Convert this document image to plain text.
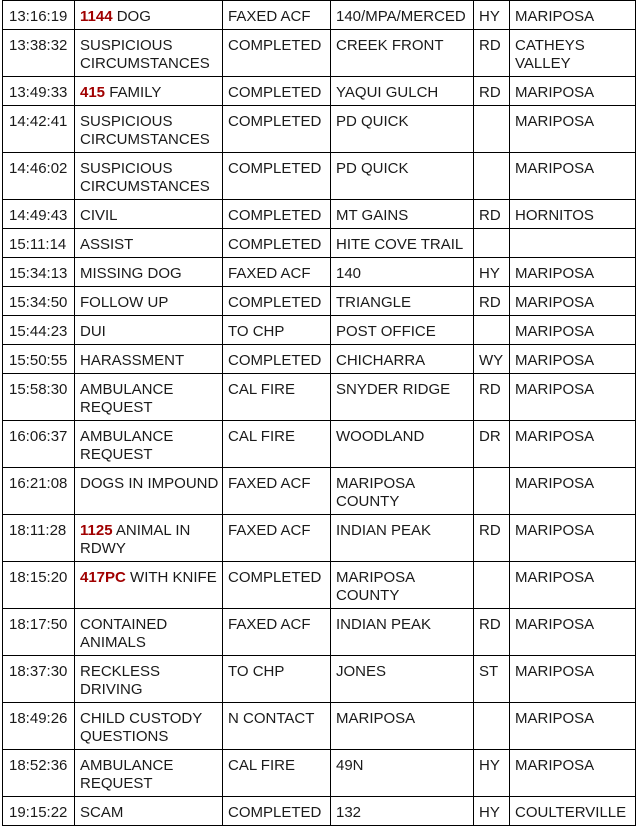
13:16:19	1144 DOG	FAXED ACF	140/MPA/MERCED	HY	MARIPOSA
13:38:32	SUSPICIOUS CIRCUMSTANCES	COMPLETED	CREEK FRONT	RD	CATHEYS VALLEY
13:49:33	415 FAMILY	COMPLETED	YAQUI GULCH	RD	MARIPOSA
14:42:41	SUSPICIOUS CIRCUMSTANCES	COMPLETED	PD QUICK		MARIPOSA
14:46:02	SUSPICIOUS CIRCUMSTANCES	COMPLETED	PD QUICK		MARIPOSA
14:49:43	CIVIL	COMPLETED	MT GAINS	RD	HORNITOS
15:11:14	ASSIST	COMPLETED	HITE COVE TRAIL		
15:34:13	MISSING DOG	FAXED ACF	140	HY	MARIPOSA
15:34:50	FOLLOW UP	COMPLETED	TRIANGLE	RD	MARIPOSA
15:44:23	DUI	TO CHP	POST OFFICE		MARIPOSA
15:50:55	HARASSMENT	COMPLETED	CHICHARRA	WY	MARIPOSA
15:58:30	AMBULANCE REQUEST	CAL FIRE	SNYDER RIDGE	RD	MARIPOSA
16:06:37	AMBULANCE REQUEST	CAL FIRE	WOODLAND	DR	MARIPOSA
16:21:08	DOGS IN IMPOUND	FAXED ACF	MARIPOSA COUNTY		MARIPOSA
18:11:28	1125 ANIMAL IN RDWY	FAXED ACF	INDIAN PEAK	RD	MARIPOSA
18:15:20	417PC WITH KNIFE	COMPLETED	MARIPOSA COUNTY		MARIPOSA
18:17:50	CONTAINED ANIMALS	FAXED ACF	INDIAN PEAK	RD	MARIPOSA
18:37:30	RECKLESS DRIVING	TO CHP	JONES	ST	MARIPOSA
18:49:26	CHILD CUSTODY QUESTIONS	N CONTACT	MARIPOSA		MARIPOSA
18:52:36	AMBULANCE REQUEST	CAL FIRE	49N	HY	MARIPOSA
19:15:22	SCAM	COMPLETED	132	HY	COULTERVILLE
